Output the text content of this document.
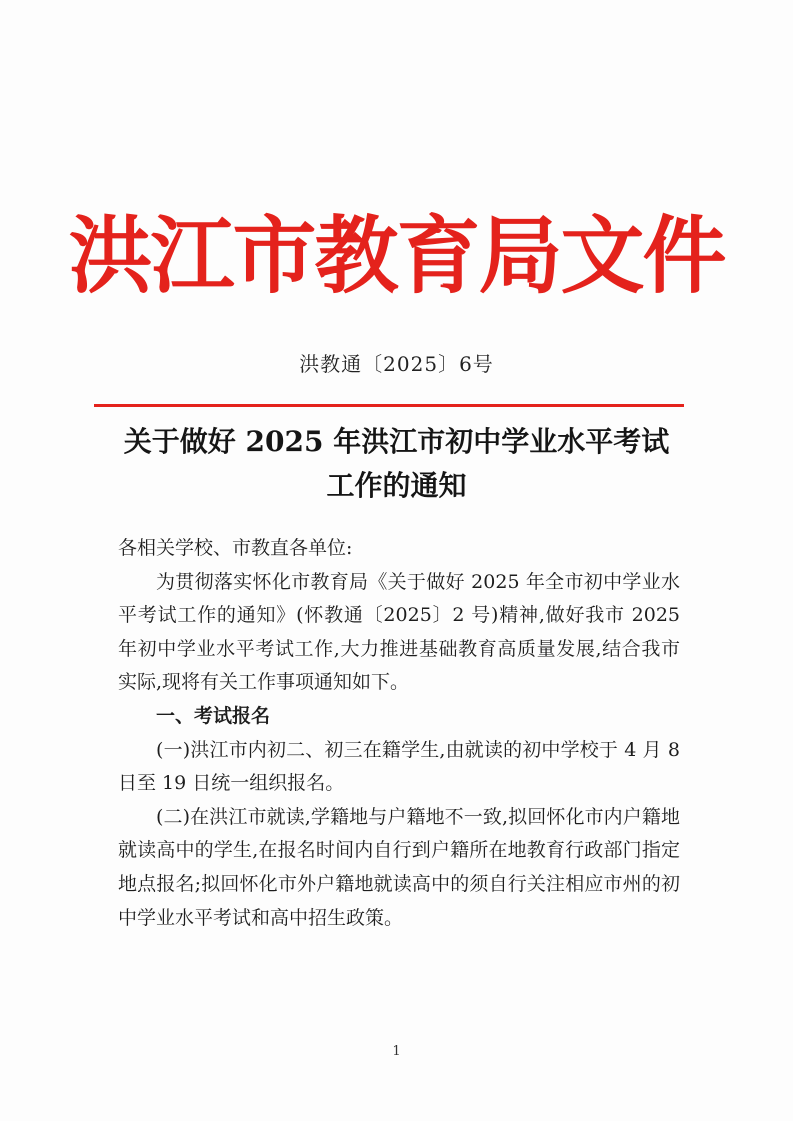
洪江市教育局文件
洪教通〔2025〕6号
关于做好 2025 年洪江市初中学业水平考试
工作的通知

各相关学校、市教直各单位:

为贯彻落实怀化市教育局《关于做好 2025 年全市初中学业水平考试工作的通知》(怀教通〔2025〕2 号)精神,做好我市 2025 年初中学业水平考试工作,大力推进基础教育高质量发展,结合我市实际,现将有关工作事项通知如下。

一、考试报名

(一)洪江市内初二、初三在籍学生,由就读的初中学校于 4 月 8 日至 19 日统一组织报名。

(二)在洪江市就读,学籍地与户籍地不一致,拟回怀化市内户籍地就读高中的学生,在报名时间内自行到户籍所在地教育行政部门指定地点报名;拟回怀化市外户籍地就读高中的须自行关注相应市州的初中学业水平考试和高中招生政策。

1
